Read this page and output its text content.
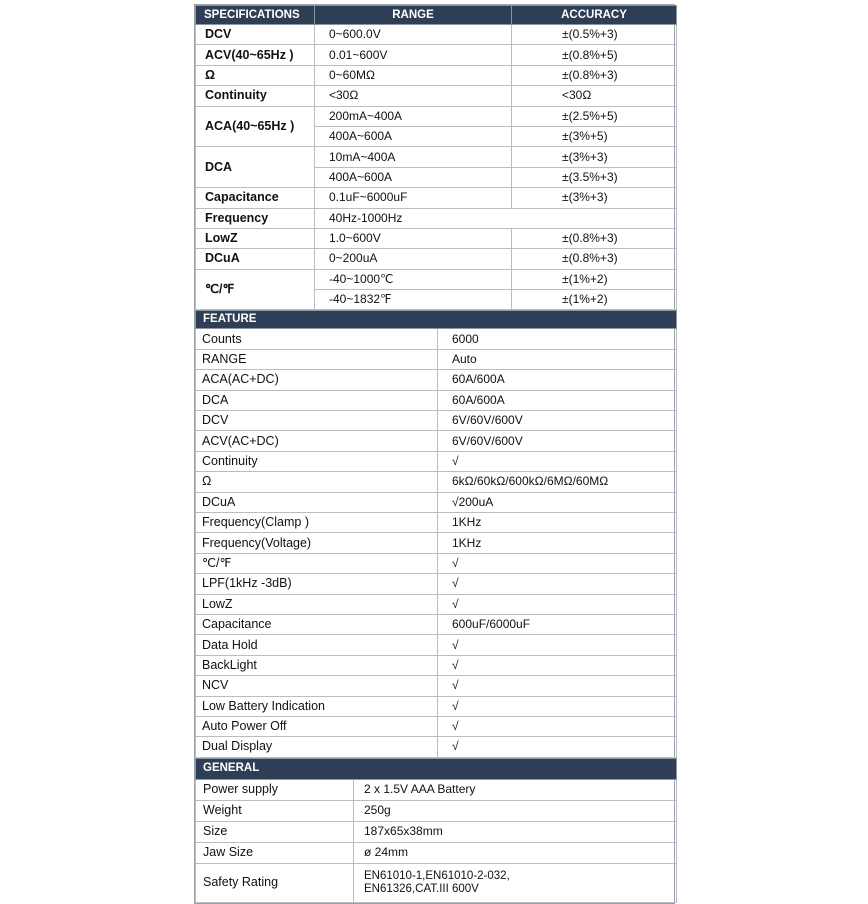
SPECIFICATIONS	RANGE	ACCURACY
DCV	0~600.0V	±(0.5%+3)
ACV(40~65Hz )	0.01~600V	±(0.8%+5)
Ω	0~60MΩ	±(0.8%+3)
Continuity	<30Ω	<30Ω
ACA(40~65Hz )	200mA~400A	±(2.5%+5)
	400A~600A	±(3%+5)
DCA	10mA~400A	±(3%+3)
	400A~600A	±(3.5%+3)
Capacitance	0.1uF~6000uF	±(3%+3)
Frequency	40Hz-1000Hz	
LowZ	1.0~600V	±(0.8%+3)
DCuA	0~200uA	±(0.8%+3)
℃/℉	-40~1000℃	±(1%+2)
	-40~1832℉	±(1%+2)
FEATURE	
Counts	6000
RANGE	Auto
ACA(AC+DC)	60A/600A
DCA	60A/600A
DCV	6V/60V/600V
ACV(AC+DC)	6V/60V/600V
Continuity	√
Ω	6kΩ/60kΩ/600kΩ/6MΩ/60MΩ
DCuA	√200uA
Frequency(Clamp )	1KHz
Frequency(Voltage)	1KHz
℃/℉	√
LPF(1kHz -3dB)	√
LowZ	√
Capacitance	600uF/6000uF
Data Hold	√
BackLight	√
NCV	√
Low Battery Indication	√
Auto Power Off	√
Dual Display	√
GENERAL	
Power supply	2 x 1.5V AAA Battery
Weight	250g
Size	187x65x38mm
Jaw Size	ø 24mm
Safety Rating	EN61010-1,EN61010-2-032,
EN61326,CAT.III 600V
